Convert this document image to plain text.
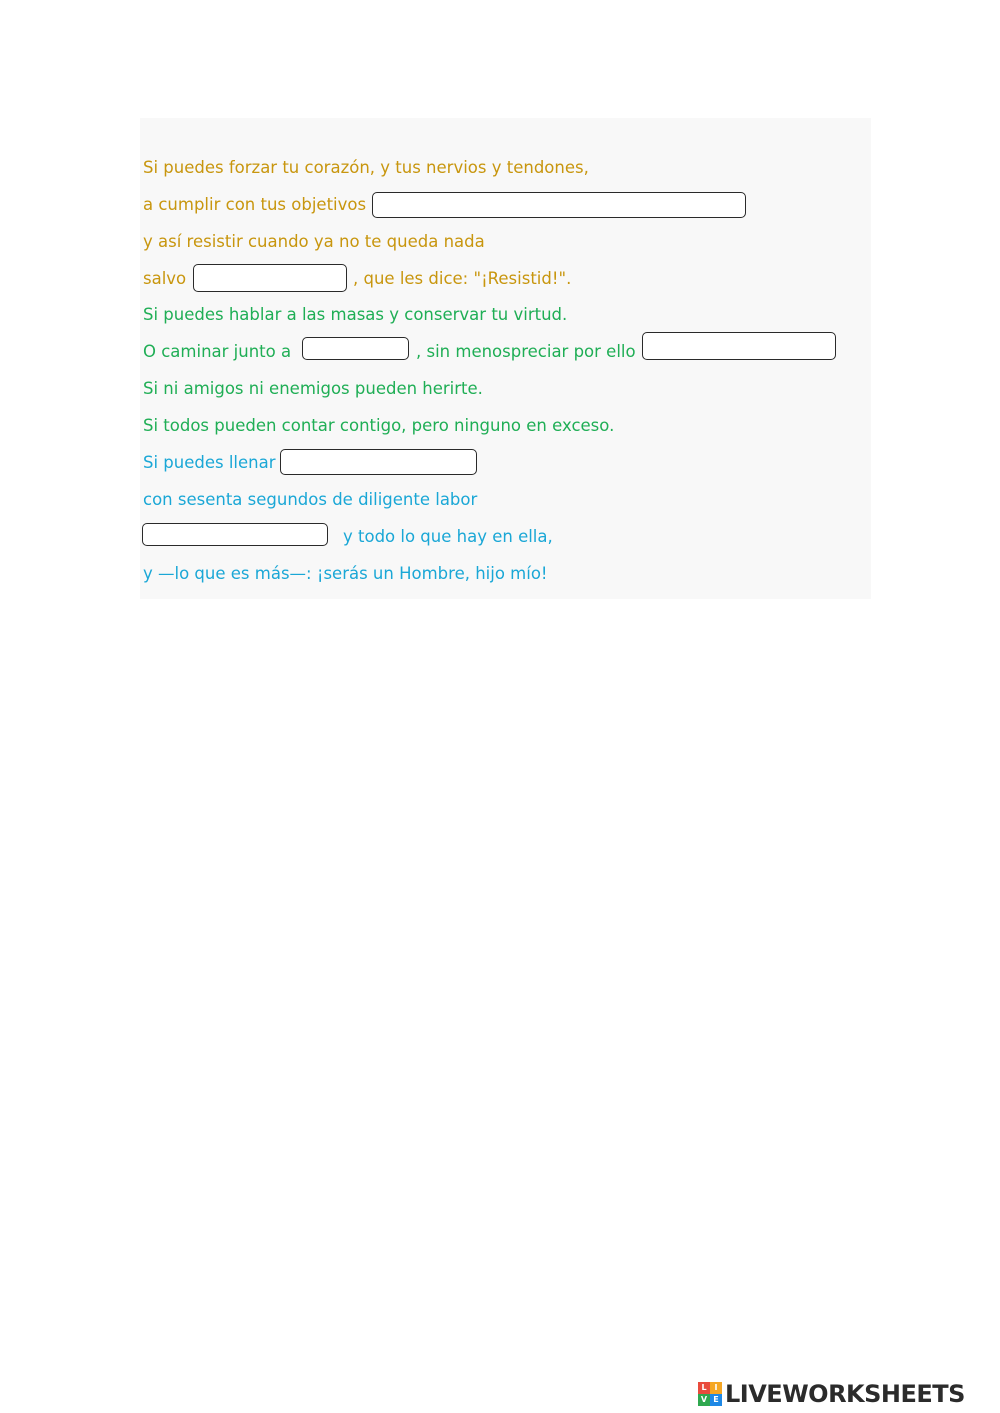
Si puedes forzar tu corazón, y tus nervios y tendones,
a cumplir con tus objetivos
y así resistir cuando ya no te queda nada
salvo	, que les dice: "¡Resistid!".
Si puedes hablar a las masas y conservar tu virtud.
O caminar junto a	, sin menospreciar por ello
Si ni amigos ni enemigos pueden herirte.
Si todos pueden contar contigo, pero ninguno en exceso.
Si puedes llenar
con sesenta segundos de diligente labor
y todo lo que hay en ella,
y —lo que es más—: ¡serás un Hombre, hijo mío!
L I
V E LIVEWORKSHEETS
